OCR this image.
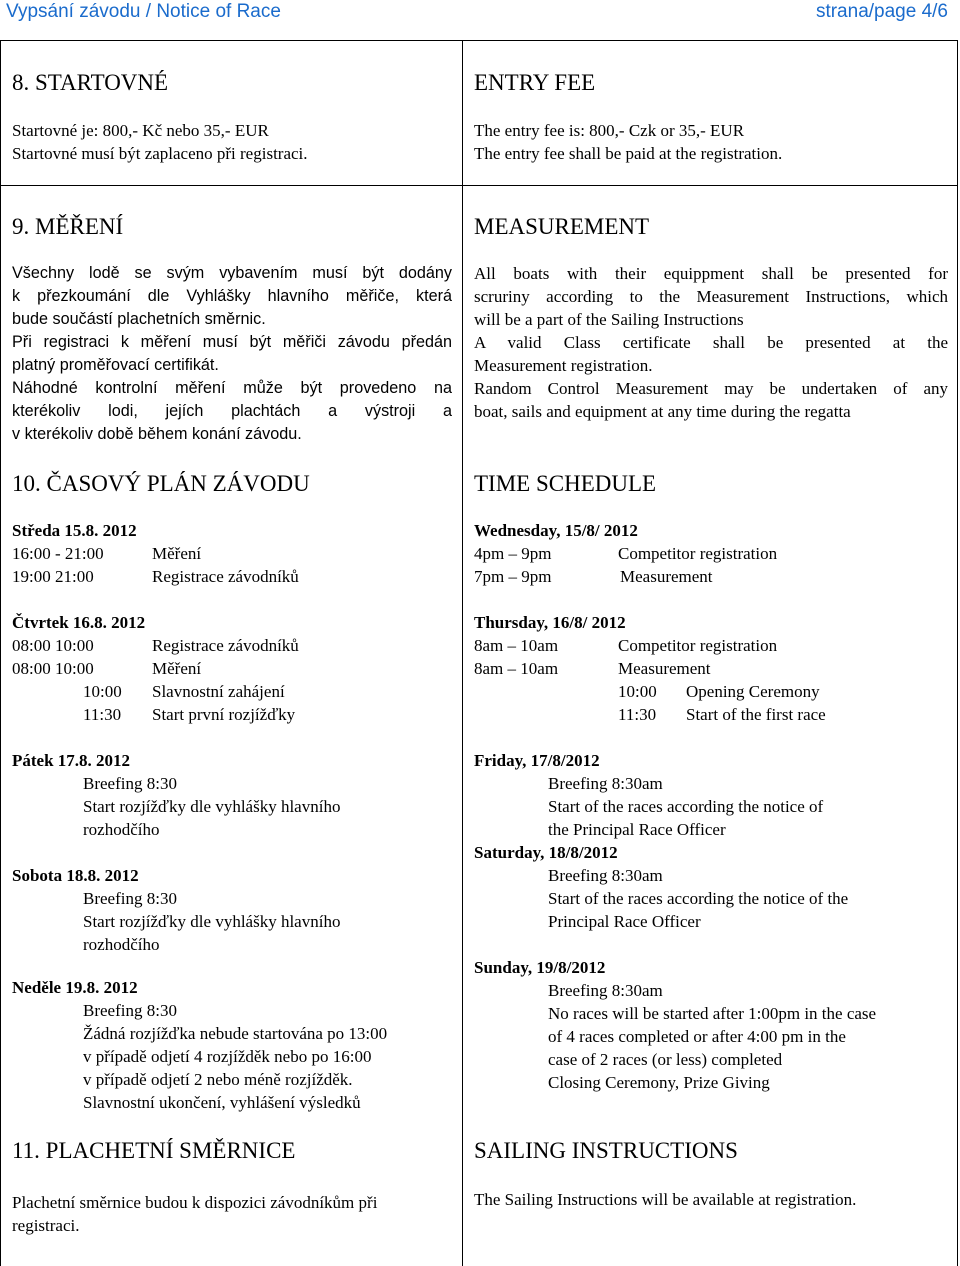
Vypsání závodu / Notice of Race	strana/page 4/6
8. STARTOVNÉ
Startovné je: 800,- Kč nebo 35,- EUR
Startovné musí být zaplaceno při registraci.
ENTRY FEE
The entry fee is: 800,- Czk or 35,- EUR
The entry fee shall be paid at the registration.
9. MĚŘENÍ
Všechny lodě se svým vybavením musí být dodány
k přezkoumání dle Vyhlášky hlavního měřiče, která
bude součástí plachetních směrnic.
Při registraci k měření musí být měřiči závodu předán
platný proměřovací certifikát.
Náhodné kontrolní měření může být provedeno na
kterékoliv lodi, jejích plachtách a výstroji a
v kterékoliv době během konání závodu.
MEASUREMENT
All boats with their equippment shall be presented for
scruriny according to the Measurement Instructions, which
will be a part of the Sailing Instructions
A valid Class certificate shall be presented at the
Measurement registration.
Random Control Measurement may be undertaken of any
boat, sails and equipment at any time during the regatta
10. ČASOVÝ PLÁN ZÁVODU	TIME SCHEDULE
Středa 15.8. 2012
16:00 - 21:00	Měření
19:00 21:00	Registrace závodníků
Čtvrtek 16.8. 2012
08:00 10:00	Registrace závodníků
08:00 10:00	Měření
10:00 Slavnostní zahájení
11:30 Start první rozjížďky
Pátek 17.8. 2012
Breefing 8:30
Start rozjížďky dle vyhlášky hlavního
rozhodčího
Sobota 18.8. 2012
Breefing 8:30
Start rozjížďky dle vyhlášky hlavního
rozhodčího
Neděle 19.8. 2012
Breefing 8:30
Žádná rozjížďka nebude startována po 13:00
v případě odjetí 4 rozjížděk nebo po 16:00
v případě odjetí 2 nebo méně rozjížděk.
Slavnostní ukončení, vyhlášení výsledků
Wednesday, 15/8/ 2012
4pm – 9pm	Competitor registration
7pm – 9pm	Measurement
Thursday, 16/8/ 2012
8am – 10am	Competitor registration
8am – 10am	Measurement
10:00 Opening Ceremony
11:30 Start of the first race
Friday, 17/8/2012
Breefing 8:30am
Start of the races according the notice of
the Principal Race Officer
Saturday, 18/8/2012
Breefing 8:30am
Start of the races according the notice of the
Principal Race Officer
Sunday, 19/8/2012
Breefing 8:30am
No races will be started after 1:00pm in the case
of 4 races completed or after 4:00 pm in the
case of 2 races (or less) completed
Closing Ceremony, Prize Giving
11. PLACHETNÍ SMĚRNICE
Plachetní směrnice budou k dispozici závodníkům při
registraci.
SAILING INSTRUCTIONS
The Sailing Instructions will be available at registration.
